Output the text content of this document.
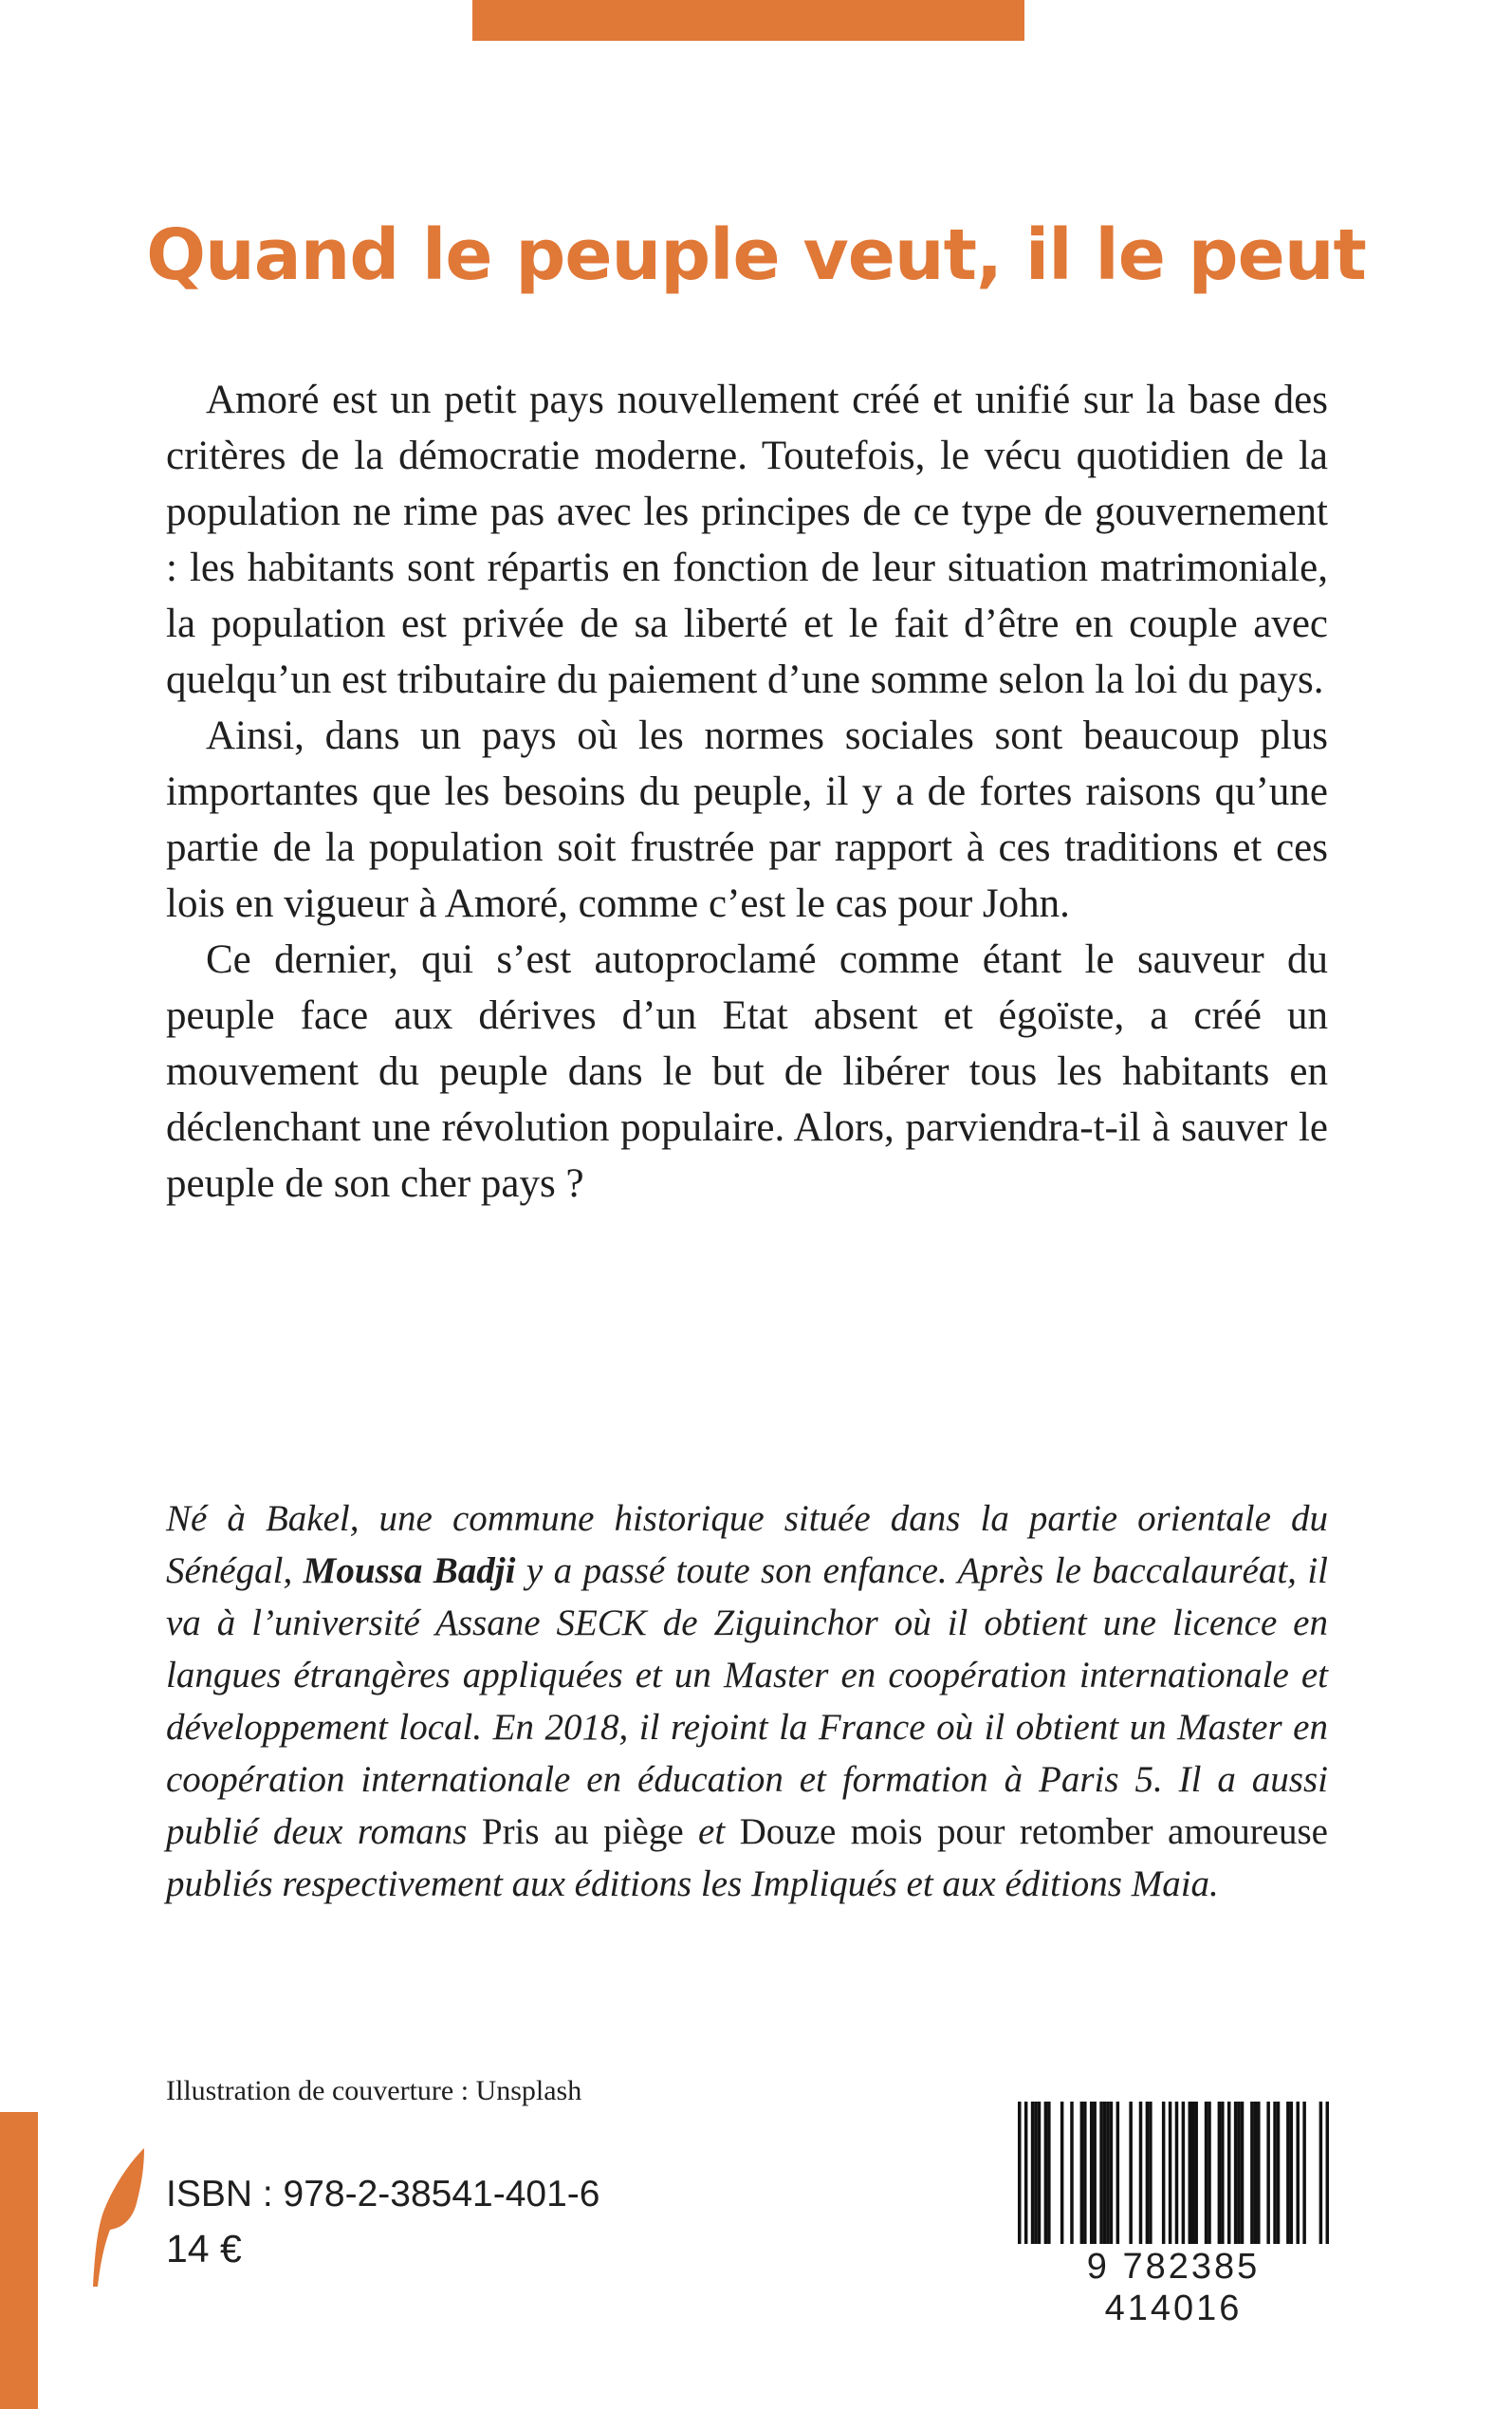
Quand le peuple veut, il le peut

Amoré est un petit pays nouvellement créé et unifié sur la base des critères de la démocratie moderne. Toutefois, le vécu quotidien de la population ne rime pas avec les principes de ce type de gouvernement : les habitants sont répartis en fonction de leur situation matrimoniale, la population est privée de sa liberté et le fait d’être en couple avec quelqu’un est tributaire du paiement d’une somme selon la loi du pays.

Ainsi, dans un pays où les normes sociales sont beaucoup plus importantes que les besoins du peuple, il y a de fortes raisons qu’une partie de la population soit frustrée par rapport à ces traditions et ces lois en vigueur à Amoré, comme c’est le cas pour John.

Ce dernier, qui s’est autoproclamé comme étant le sauveur du peuple face aux dérives d’un Etat absent et égoïste, a créé un mouvement du peuple dans le but de libérer tous les habitants en déclenchant une révolution populaire. Alors, parviendra-t-il à sauver le peuple de son cher pays ?

Né à Bakel, une commune historique située dans la partie orientale du Sénégal, Moussa Badji y a passé toute son enfance. Après le baccalauréat, il va à l’université Assane SECK de Ziguinchor où il obtient une licence en langues étrangères appliquées et un Master en coopération internationale et développement local. En 2018, il rejoint la France où il obtient un Master en coopération internationale en éducation et formation à Paris 5. Il a aussi publié deux romans Pris au piège et Douze mois pour retomber amoureuse publiés respectivement aux éditions les Impliqués et aux éditions Maia.

Illustration de couverture : Unsplash

ISBN : 978-2-38541-401-6

14 €	9 782385 414016
